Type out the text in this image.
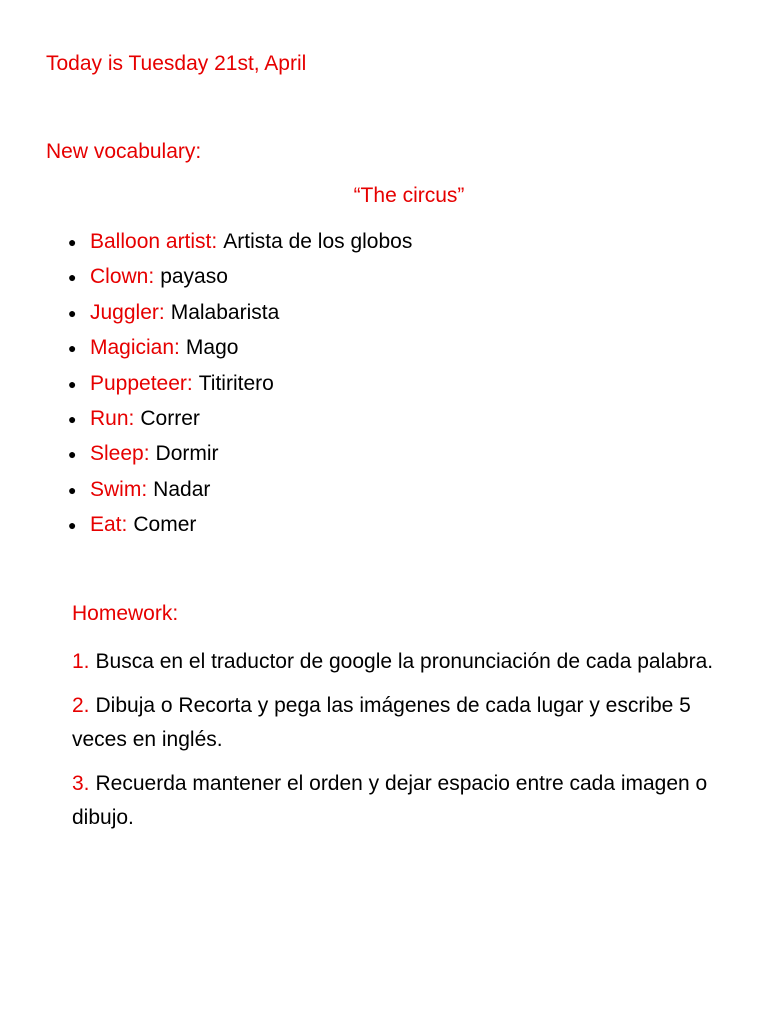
Today is Tuesday 21st, April
New vocabulary:
“The circus”
● Balloon artist: Artista de los globos
● Clown: payaso
● Juggler: Malabarista
● Magician: Mago
● Puppeteer: Titiritero
● Run: Correr
● Sleep: Dormir
● Swim: Nadar
● Eat: Comer

Homework:

1. Busca en el traductor de google la pronunciación de cada palabra.

2. Dibuja o Recorta y pega las imágenes de cada lugar y escribe 5 veces en inglés.

3. Recuerda mantener el orden y dejar espacio entre cada imagen o dibujo.
